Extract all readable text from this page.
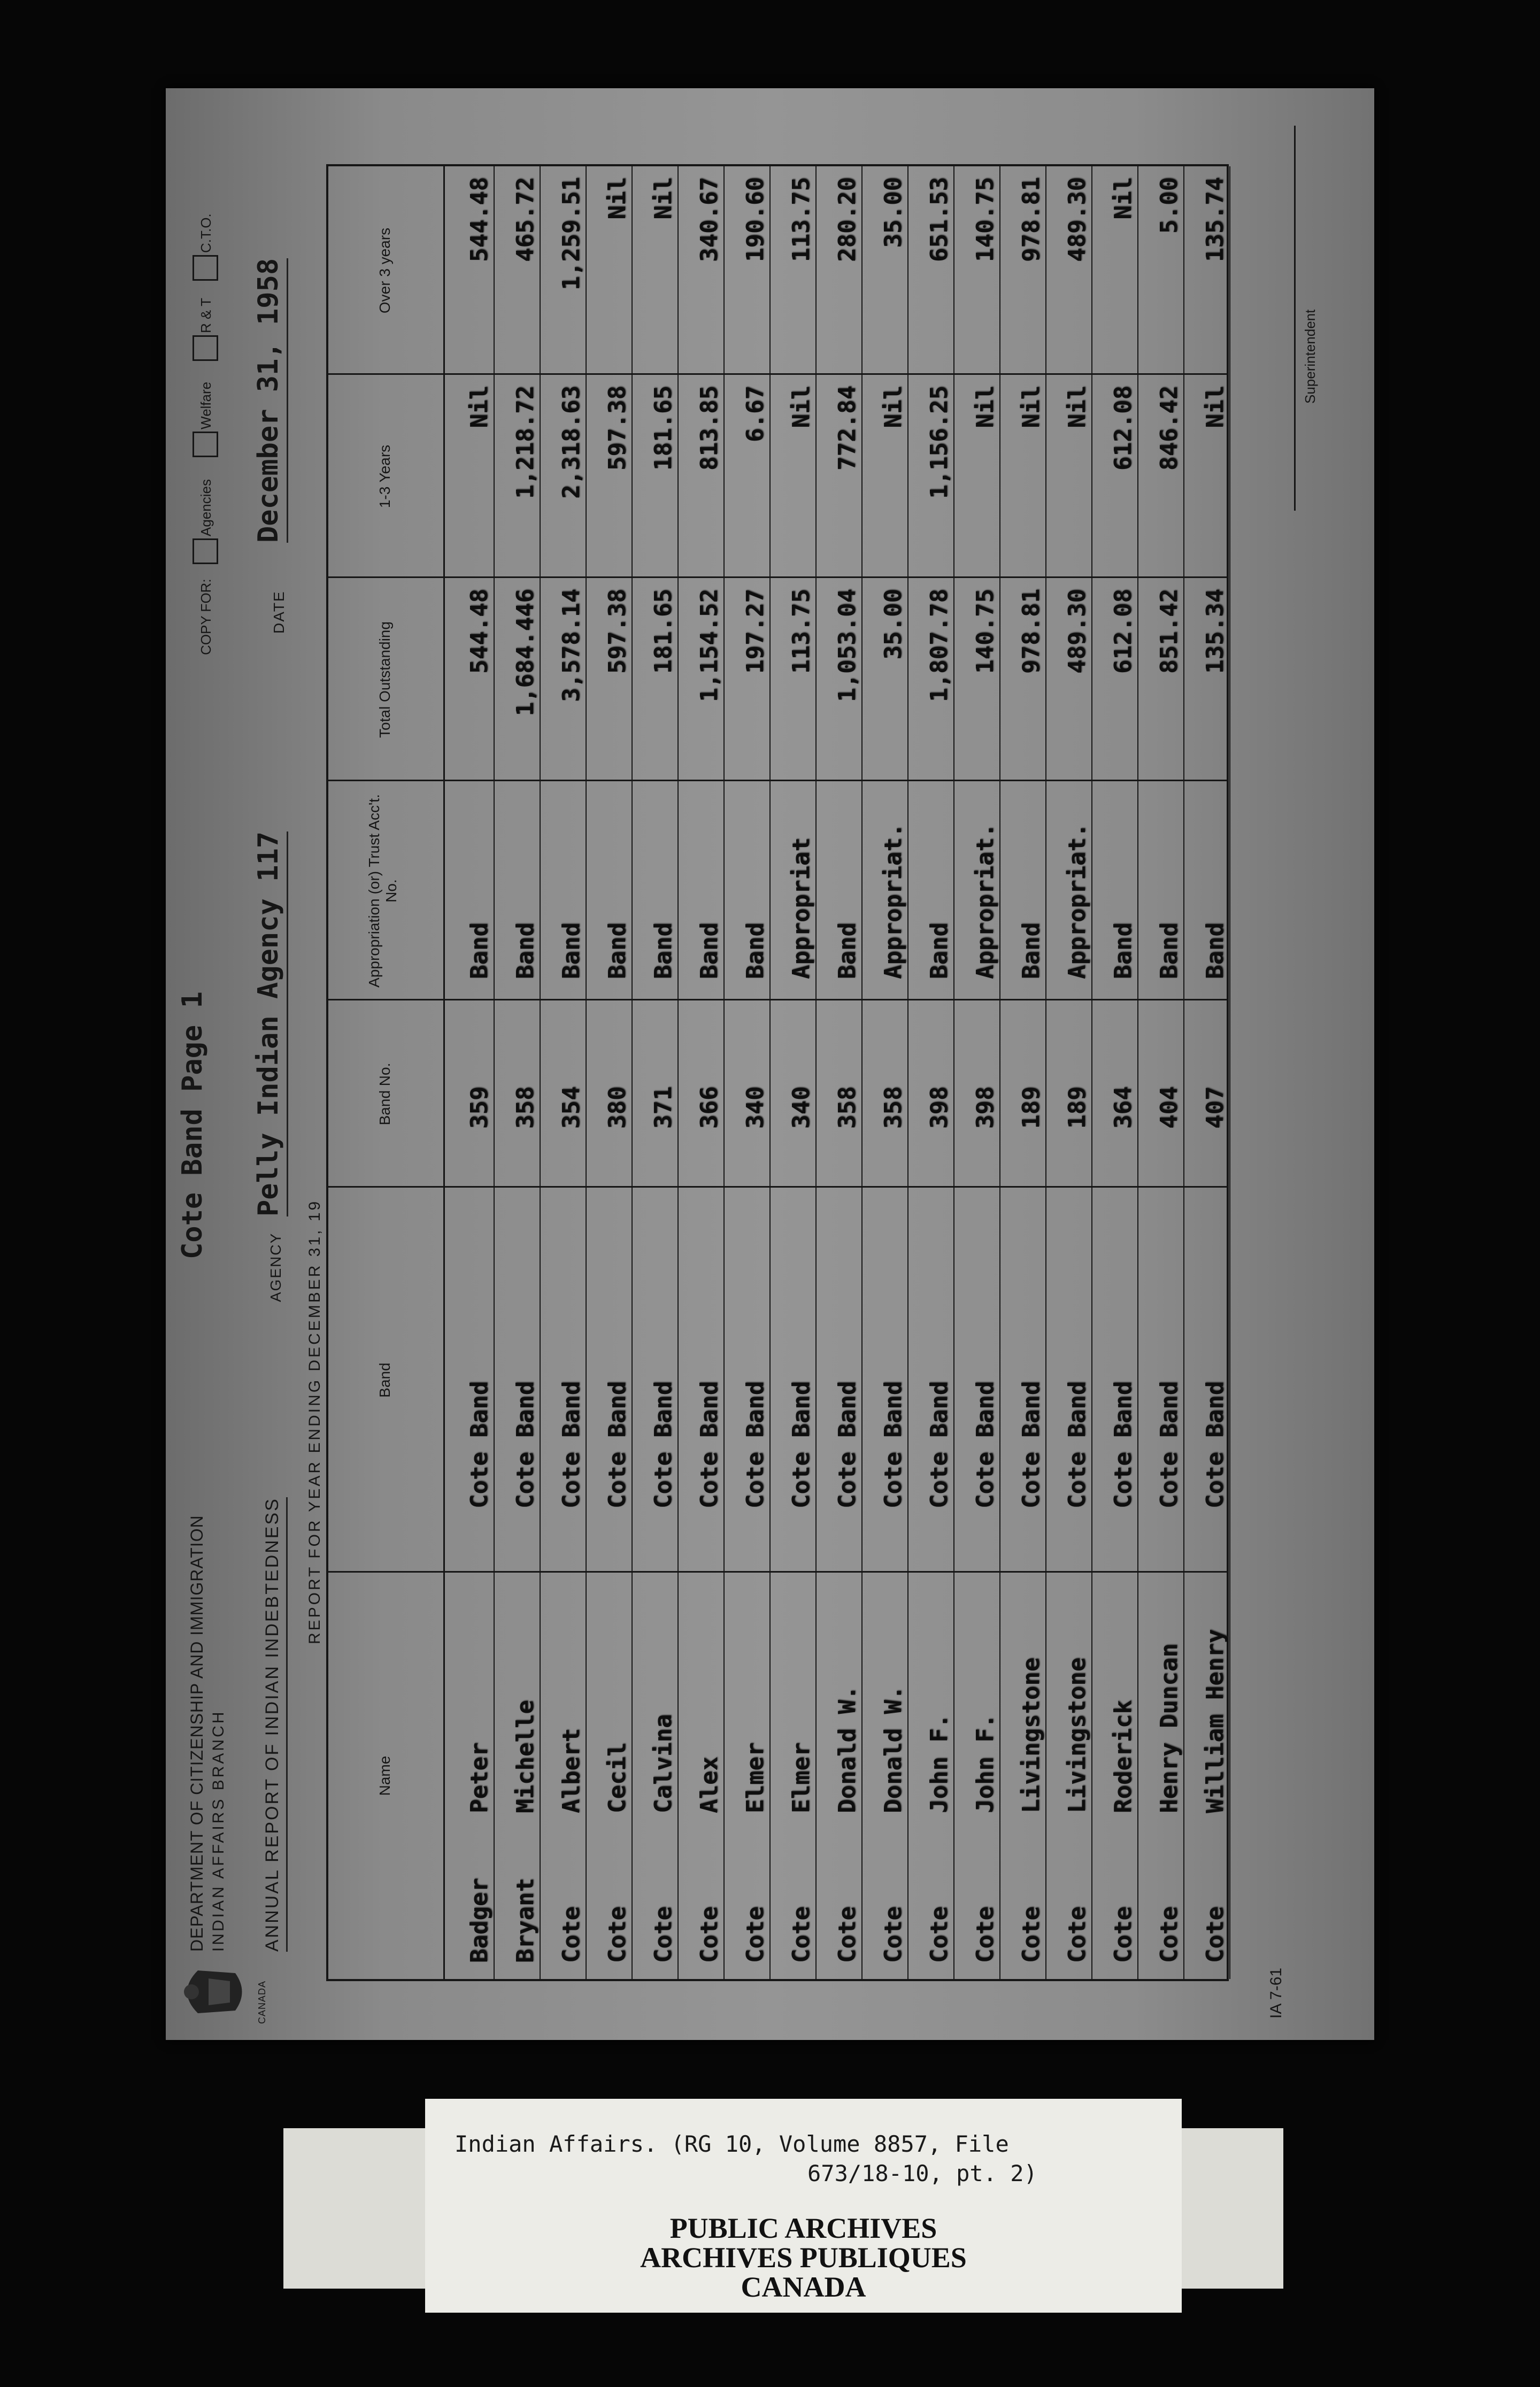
DEPARTMENT OF CITIZENSHIP AND IMMIGRATION INDIAN AFFAIRS BRANCH
CANADA
ANNUAL REPORT OF INDIAN INDEBTEDNESS
Cote Band Page 1
AGENCY
Pelly Indian Agency 117
COPY FOR:
Agencies
Welfare
R & T
C.T.O.
DATE
December 31, 1958
REPORT FOR YEAR ENDING DECEMBER 31, 19
Name
Band
Band No.
Appropriation (or) Trust Acc't. No.
Total Outstanding
1-3 Years
Over 3 years
Badger
Peter
Cote Band
359
Band
544.48
Nil
544.48
Bryant
Michelle
Cote Band
358
Band
1,684.446
1,218.72
465.72
Cote
Albert
Cote Band
354
Band
3,578.14
2,318.63
1,259.51
Cote
Cecil
Cote Band
380
Band
597.38
597.38
Nil
Cote
Calvina
Cote Band
371
Band
181.65
181.65
Nil
Cote
Alex
Cote Band
366
Band
1,154.52
813.85
340.67
Cote
Elmer
Cote Band
340
Band
197.27
6.67
190.60
Cote
Elmer
Cote Band
340
Appropriat
113.75
Nil
113.75
Cote
Donald W.
Cote Band
358
Band
1,053.04
772.84
280.20
Cote
Donald W.
Cote Band
358
Appropriat.
35.00
Nil
35.00
Cote
John F.
Cote Band
398
Band
1,807.78
1,156.25
651.53
Cote
John F.
Cote Band
398
Appropriat.
140.75
Nil
140.75
Cote
Livingstone
Cote Band
189
Band
978.81
Nil
978.81
Cote
Livingstone
Cote Band
189
Appropriat.
489.30
Nil
489.30
Cote
Roderick
Cote Band
364
Band
612.08
612.08
Nil
Cote
Henry Duncan
Cote Band
404
Band
851.42
846.42
5.00
Cote
William Henry
Cote Band
407
Band
135.34
Nil
135.74
IA 7-61
Superintendent
Indian Affairs. (RG 10, Volume 8857, File
673/18-10, pt. 2)
PUBLIC ARCHIVES
ARCHIVES PUBLIQUES
CANADA
